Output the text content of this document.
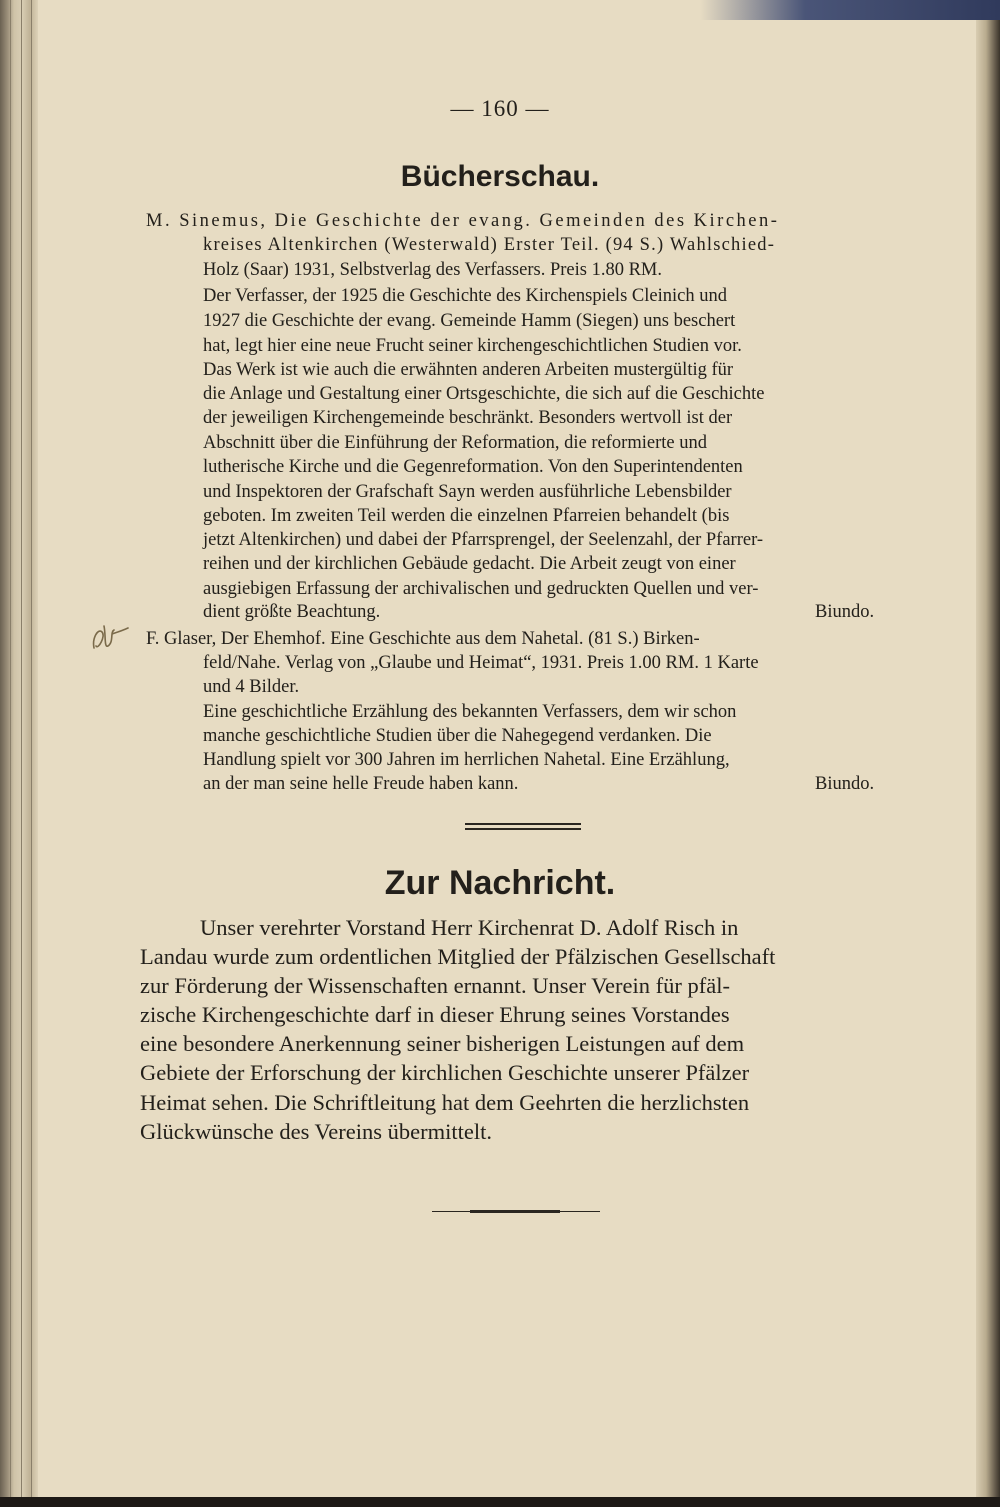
— 160 —
Bücherschau.
M. Sinemus, Die Geschichte der evang. Gemeinden des Kirchen-
kreises Altenkirchen (Westerwald) Erster Teil. (94 S.) Wahlschied-
Holz (Saar) 1931, Selbstverlag des Verfassers. Preis 1.80 RM.
Der Verfasser, der 1925 die Geschichte des Kirchenspiels Cleinich und
1927 die Geschichte der evang. Gemeinde Hamm (Siegen) uns beschert
hat, legt hier eine neue Frucht seiner kirchengeschichtlichen Studien vor.
Das Werk ist wie auch die erwähnten anderen Arbeiten mustergültig für
die Anlage und Gestaltung einer Ortsgeschichte, die sich auf die Geschichte
der jeweiligen Kirchengemeinde beschränkt. Besonders wertvoll ist der
Abschnitt über die Einführung der Reformation, die reformierte und
lutherische Kirche und die Gegenreformation. Von den Superintendenten
und Inspektoren der Grafschaft Sayn werden ausführliche Lebensbilder
geboten. Im zweiten Teil werden die einzelnen Pfarreien behandelt (bis
jetzt Altenkirchen) und dabei der Pfarrsprengel, der Seelenzahl, der Pfarrer-
reihen und der kirchlichen Gebäude gedacht. Die Arbeit zeugt von einer
ausgiebigen Erfassung der archivalischen und gedruckten Quellen und ver-
dient größte Beachtung.	Biundo.
F. Glaser, Der Ehemhof. Eine Geschichte aus dem Nahetal. (81 S.) Birken-
feld/Nahe. Verlag von „Glaube und Heimat“, 1931. Preis 1.00 RM. 1 Karte
und 4 Bilder.
Eine geschichtliche Erzählung des bekannten Verfassers, dem wir schon
manche geschichtliche Studien über die Nahegegend verdanken. Die
Handlung spielt vor 300 Jahren im herrlichen Nahetal. Eine Erzählung,
an der man seine helle Freude haben kann.	Biundo.
Zur Nachricht.
Unser verehrter Vorstand Herr Kirchenrat D. Adolf Risch in
Landau wurde zum ordentlichen Mitglied der Pfälzischen Gesellschaft
zur Förderung der Wissenschaften ernannt. Unser Verein für pfäl-
zische Kirchengeschichte darf in dieser Ehrung seines Vorstandes
eine besondere Anerkennung seiner bisherigen Leistungen auf dem
Gebiete der Erforschung der kirchlichen Geschichte unserer Pfälzer
Heimat sehen. Die Schriftleitung hat dem Geehrten die herzlichsten
Glückwünsche des Vereins übermittelt.
